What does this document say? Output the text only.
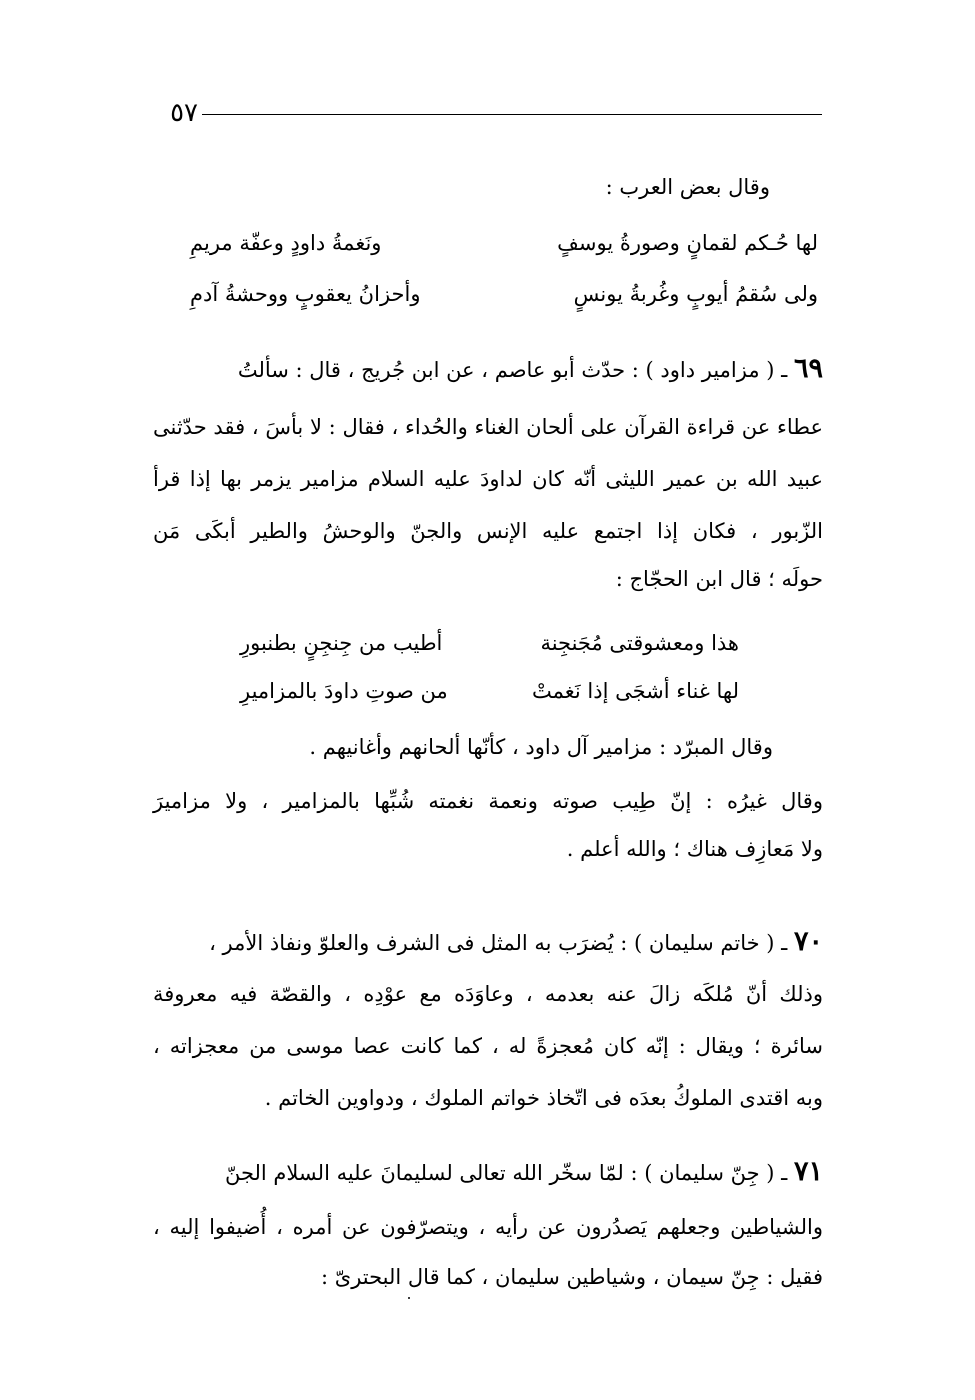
٥٧
وقال بعض العرب :
لها حُـكم لقمانٍ وصورةُ يوسفٍ
ونَغمةُ داودٍ وعفّة مريمِ
ولى سُقمُ أيوبٍ وغُربةُ يونسٍ
وأحزانُ يعقوبٍ ووحشةُ آدمِ
٦٩ ـ ( مزامير داود ) : حدّث أبو عاصم ، عن ابن جُريج ، قال : سألتُ
عطاء عن قراءة القرآن على ألحان الغناء والحُداء ، فقال : لا بأسَ ، فقد حدّثنى
عبيد الله بن عمير الليثى أنّه كان لداودَ عليه السلام مزامير يزمر بها إذا قرأ
الزّبور ، فكان إذا اجتمع عليه الإنس والجنّ والوحشُ والطير أبكَى مَن
حولَه ؛ قال ابن الحجّاج :
هذا ومعشوقتى مُجَنجِنة
أطيب من جِنجِنٍ بطنبورِ
لها غناء أشجَى إذا نَغمتْ
من صوتِ داودَ بالمزاميرِ
وقال المبرّد : مزامير آل داود ، كأنّها ألحانهم وأغانيهم .
وقال غيرُه : إنّ طِيب صوته ونعمة نغمته شُبِّها بالمزامير ، ولا مزاميرَ
ولا مَعازِف هناك ؛ والله أعلم .
٧٠ ـ ( خاتم سليمان ) : يُضرَب به المثل فى الشرف والعلوّ ونفاذ الأمر ،
وذلك أنّ مُلكَه زالَ عنه بعدمه ، وعاوَدَه مع عوْدِه ، والقصّة فيه معروفة
سائرة ؛ ويقال : إنّه كان مُعجزةً له ، كما كانت عصا موسى من معجزاته ،
وبه اقتدى الملوكُ بعدَه فى اتّخاذ خواتم الملوك ، ودواوين الخاتم .
٧١ ـ ( جِنّ سليمان ) : لمّا سخّر الله تعالى لسليمانَ عليه السلام الجنّ
والشياطين وجعلهم يَصدُرون عن رأيه ، ويتصرّفون عن أمره ، أُضيفوا إليه ،
فقيل : جِنّ سيمان ، وشياطين سليمان ، كما قال البحترىّ :
